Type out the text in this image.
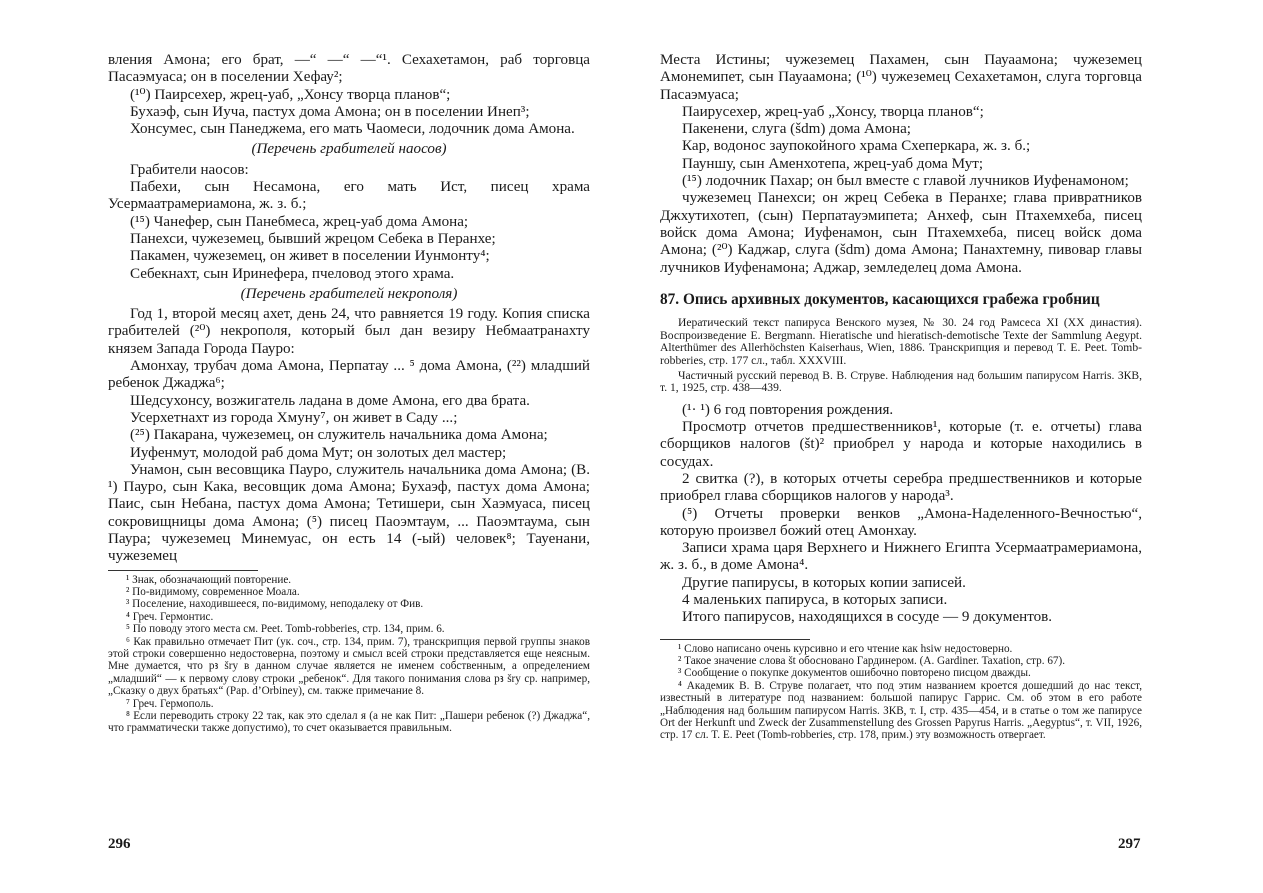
вления Амона; его брат, —“ —“ —“¹. Сехахетамон, раб торговца Пасаэмуаса; он в поселении Хефау²;

(¹⁰) Паирсехер, жрец-уаб, „Хонсу творца планов“;

Бухаэф, сын Иуча, пастух дома Амона; он в поселении Инеп³;

Хонсумес, сын Панеджема, его мать Чаомеси, лодочник дома Амона.

(Перечень грабителей наосов)

Грабители наосов:

Пабехи, сын Несамона, его мать Ист, писец храма Усермаатрамериамона, ж. з. б.;

(¹⁵) Чанефер, сын Панебмеса, жрец-уаб дома Амона;

Панехси, чужеземец, бывший жрецом Себека в Перанхе;

Пакамен, чужеземец, он живет в поселении Иунмонту⁴;

Себекнахт, сын Иринефера, пчеловод этого храма.

(Перечень грабителей некрополя)

Год 1, второй месяц ахет, день 24, что равняется 19 году. Копия списка грабителей (²⁰) некрополя, который был дан везиру Небмаатранахту князем Запада Города Пауро:

Амонхау, трубач дома Амона, Перпатау ... ⁵ дома Амона, (²²) младший ребенок Джаджа⁶;

Шедсухонсу, возжигатель ладана в доме Амона, его два брата.

Усерхетнахт из города Хмуну⁷, он живет в Саду ...;

(²⁵) Пакарана, чужеземец, он служитель начальника дома Амона;

Иуфенмут, молодой раб дома Мут; он золотых дел мастер;

Унамон, сын весовщика Пауро, служитель начальника дома Амона; (В. ¹) Пауро, сын Кака, весовщик дома Амона; Бухаэф, пастух дома Амона; Паис, сын Небана, пастух дома Амона; Тетишери, сын Хаэмуаса, писец сокровищницы дома Амона; (⁵) писец Паоэмтаум, ... Паоэмтаума, сын Паура; чужеземец Минемуас, он есть 14 (-ый) человек⁸; Тауенани, чужеземец

¹ Знак, обозначающий повторение.

² По-видимому, современное Моала.

³ Поселение, находившееся, по-видимому, неподалеку от Фив.

⁴ Греч. Гермонтис.

⁵ По поводу этого места см. Peet. Tomb-robberies, стр. 134, прим. 6.

⁶ Как правильно отмечает Пит (ук. соч., стр. 134, прим. 7), транскрипция первой группы знаков этой строки совершенно недостоверна, поэтому и смысл всей строки представляется еще неясным. Мне думается, что pꜣ šry в данном случае является не именем собственным, а определением „младший“ — к первому слову строки „ребенок“. Для такого понимания слова pꜣ šry ср. например, „Сказку о двух братьях“ (Pap. d’Orbiney), см. также примечание 8.

⁷ Греч. Гермополь.

⁸ Если переводить строку 22 так, как это сделал я (а не как Пит: „Пашери ребенок (?) Джаджа“, что грамматически также допустимо), то счет оказывается правильным.

296

Места Истины; чужеземец Пахамен, сын Пауаамона; чужеземец Амонемипет, сын Пауаамона; (¹⁰) чужеземец Сехахетамон, слуга торговца Пасаэмуаса;

Паирусехер, жрец-уаб „Хонсу, творца планов“;

Пакенени, слуга (šdm) дома Амона;

Кар, водонос заупокойного храма Схеперкара, ж. з. б.;

Пауншу, сын Аменхотепа, жрец-уаб дома Мут;

(¹⁵) лодочник Пахар; он был вместе с главой лучников Иуфенамоном;

чужеземец Панехси; он жрец Себека в Перанхе; глава привратников Джхутихотеп, (сын) Перпатауэмипета; Анхеф, сын Птахемхеба, писец войск дома Амона; Иуфенамон, сын Птахемхеба, писец войск дома Амона; (²⁰) Каджар, слуга (šdm) дома Амона; Панахтемну, пивовар главы лучников Иуфенамона; Аджар, земледелец дома Амона.

87. Опись архивных документов, касающихся грабежа гробниц

Иератический текст папируса Венского музея, № 30. 24 год Рамсеса XI (XX династия). Воспроизведение E. Bergmann. Hieratische und hieratisch-demotische Texte der Sammlung Aegypt. Alterthümer des Allerhöchsten Kaiserhaus, Wien, 1886. Транскрипция и перевод T. E. Peet. Tomb-robberies, стр. 177 сл., табл. XXXVIII.

Частичный русский перевод В. В. Струве. Наблюдения над большим папирусом Harris. ЗКВ, т. 1, 1925, стр. 438—439.

(¹· ¹) 6 год повторения рождения.

Просмотр отчетов предшественников¹, которые (т. е. отчеты) глава сборщиков налогов (št)² приобрел у народа и которые находились в сосудах.

2 свитка (?), в которых отчеты серебра предшественников и которые приобрел глава сборщиков налогов у народа³.

(⁵) Отчеты проверки венков „Амона-Наделенного-Вечностью“, которую произвел божий отец Амонхау.

Записи храма царя Верхнего и Нижнего Египта Усермаатрамериамона, ж. з. б., в доме Амона⁴.

Другие папирусы, в которых копии записей.

4 маленьких папируса, в которых записи.

Итого папирусов, находящихся в сосуде — 9 документов.

¹ Слово написано очень курсивно и его чтение как hsiw недостоверно.

² Такое значение слова št обосновано Гардинером. (A. Gardiner. Taxation, стр. 67).

³ Сообщение о покупке документов ошибочно повторено писцом дважды.

⁴ Академик В. В. Струве полагает, что под этим названием кроется дошедший до нас текст, известный в литературе под названием: большой папирус Гаррис. См. об этом в его работе „Наблюдения над большим папирусом Harris. ЗКВ, т. I, стр. 435—454, и в статье о том же папирусе Ort der Herkunft und Zweck der Zusammenstellung des Grossen Papyrus Harris. „Aegyptus“, т. VII, 1926, стр. 17 сл. T. E. Peet (Tomb-robberies, стр. 178, прим.) эту возможность отвергает.

297
